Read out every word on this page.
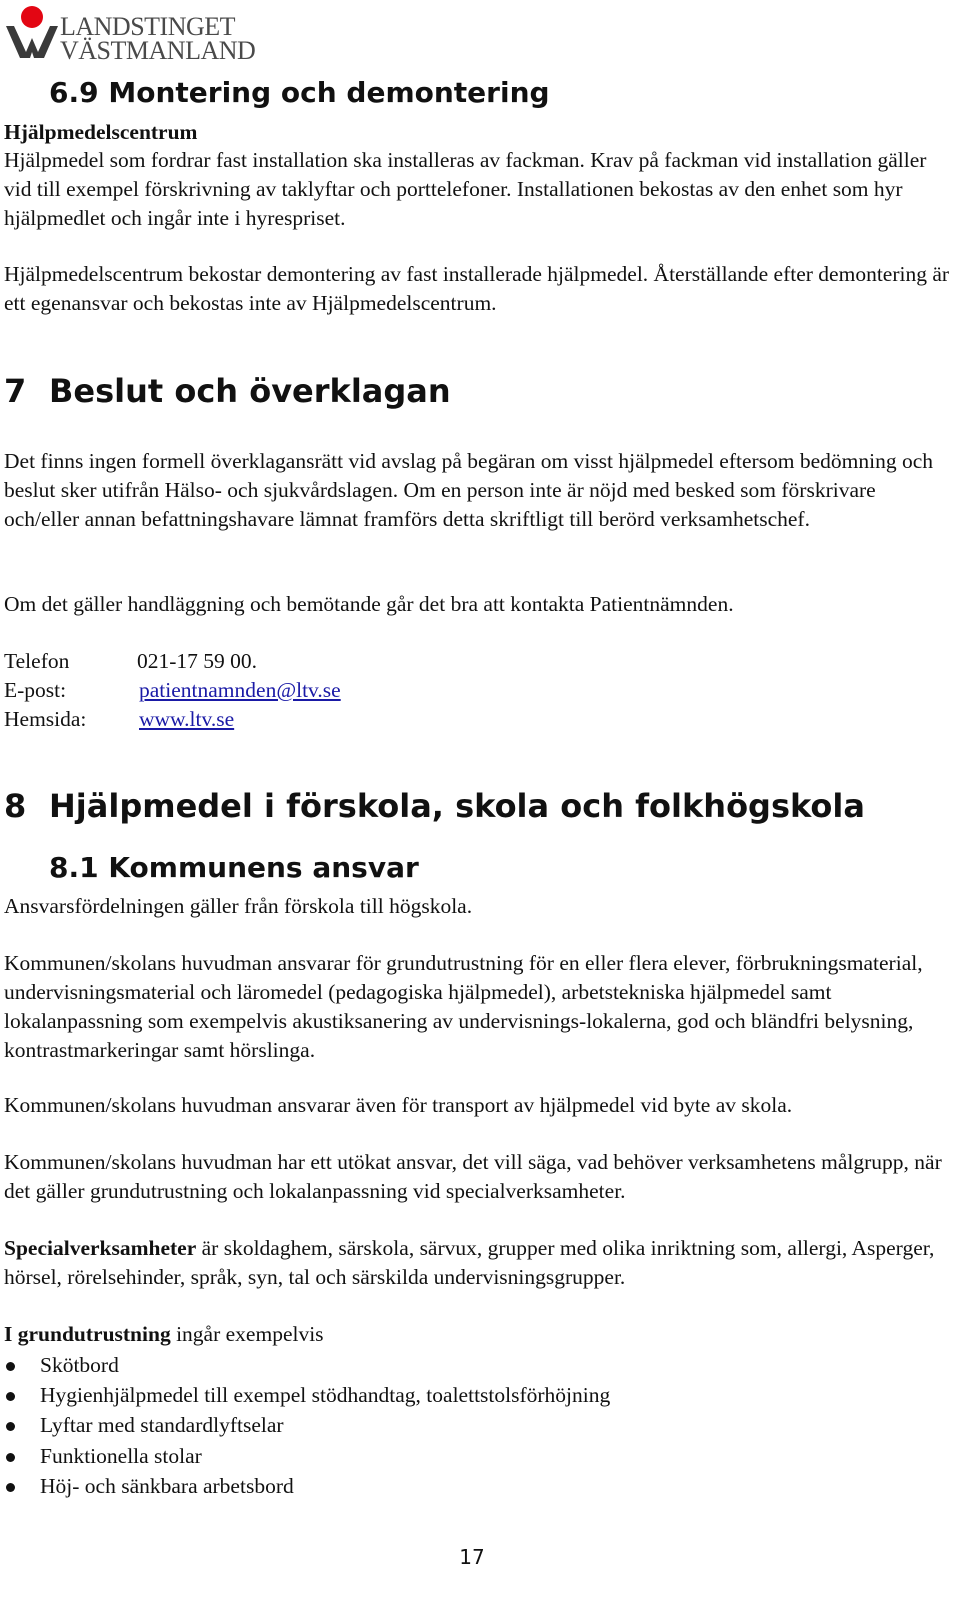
LANDSTINGET
VÄSTMANLAND
6.9 Montering och demontering

Hjälpmedelscentrum

Hjälpmedel som fordrar fast installation ska installeras av fackman. Krav på fackman vid installation gäller vid till exempel förskrivning av taklyftar och porttelefoner. Installationen bekostas av den enhet som hyr hjälpmedlet och ingår inte i hyrespriset.

Hjälpmedelscentrum bekostar demontering av fast installerade hjälpmedel. Återställande efter demontering är ett egenansvar och bekostas inte av Hjälpmedelscentrum.

7 Beslut och överklagan

Det finns ingen formell överklagansrätt vid avslag på begäran om visst hjälpmedel eftersom bedömning och beslut sker utifrån Hälso- och sjukvårdslagen. Om en person inte är nöjd med besked som förskrivare och/eller annan befattningshavare lämnat framförs detta skriftligt till berörd verksamhetschef.

Om det gäller handläggning och bemötande går det bra att kontakta Patientnämnden.

Telefon	021-17 59 00.
E-post:	patientnamnden@ltv.se
Hemsida:	www.ltv.se
8 Hjälpmedel i förskola, skola och folkhögskola
8.1 Kommunens ansvar

Ansvarsfördelningen gäller från förskola till högskola.

Kommunen/skolans huvudman ansvarar för grundutrustning för en eller flera elever, förbrukningsmaterial, undervisningsmaterial och läromedel (pedagogiska hjälpmedel), arbetstekniska hjälpmedel samt lokalanpassning som exempelvis akustiksanering av undervisnings-lokalerna, god och bländfri belysning, kontrastmarkeringar samt hörslinga.

Kommunen/skolans huvudman ansvarar även för transport av hjälpmedel vid byte av skola.

Kommunen/skolans huvudman har ett utökat ansvar, det vill säga, vad behöver verksamhetens målgrupp, när det gäller grundutrustning och lokalanpassning vid specialverksamheter.

Specialverksamheter är skoldaghem, särskola, särvux, grupper med olika inriktning som, allergi, Asperger, hörsel, rörelsehinder, språk, syn, tal och särskilda undervisningsgrupper.

I grundutrustning ingår exempelvis

Skötbord
Hygienhjälpmedel till exempel stödhandtag, toalettstolsförhöjning
Lyftar med standardlyftselar
Funktionella stolar
Höj- och sänkbara arbetsbord
17
